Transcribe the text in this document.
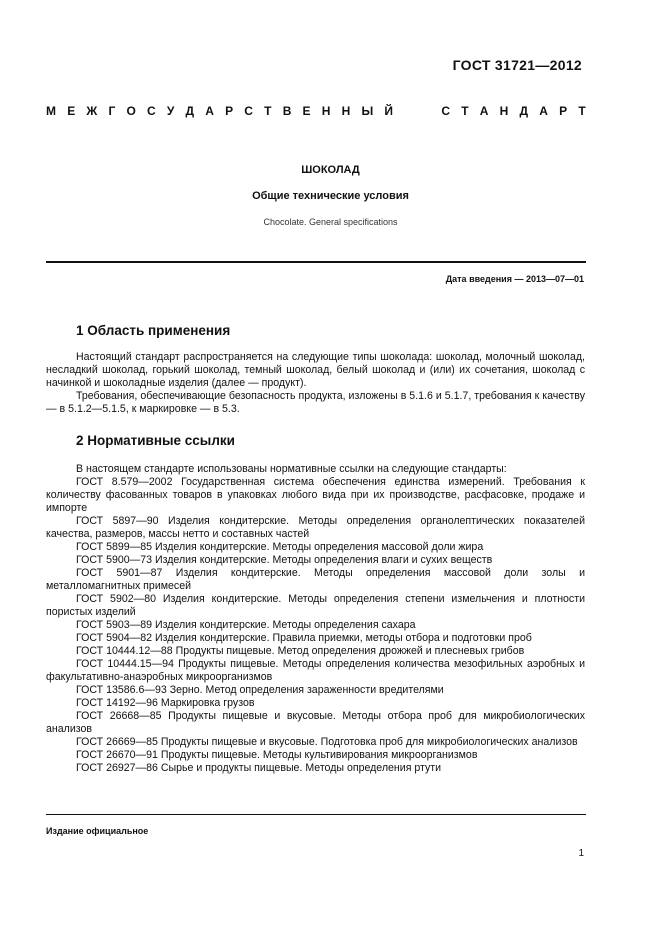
ГОСТ 31721—2012
М Е Ж Г О С У Д А Р С Т В Е Н Н Ы Й	С Т А Н Д А Р Т
ШОКОЛАД
Общие технические условия
Chocolate. General specifications
Дата введения — 2013—07—01
1 Область применения

Настоящий стандарт распространяется на следующие типы шоколада: шоколад, молочный шоколад, несладкий шоколад, горький шоколад, темный шоколад, белый шоколад и (или) их сочетания, шоколад с начинкой и шоколадные изделия (далее — продукт).

Требования, обеспечивающие безопасность продукта, изложены в 5.1.6 и 5.1.7, требования к качеству — в 5.1.2—5.1.5, к маркировке — в 5.3.

2 Нормативные ссылки

В настоящем стандарте использованы нормативные ссылки на следующие стандарты:

ГОСТ 8.579—2002 Государственная система обеспечения единства измерений. Требования к количеству фасованных товаров в упаковках любого вида при их производстве, расфасовке, продаже и импорте

ГОСТ 5897—90 Изделия кондитерские. Методы определения органолептических показателей качества, размеров, массы нетто и составных частей

ГОСТ 5899—85 Изделия кондитерские. Методы определения массовой доли жира

ГОСТ 5900—73 Изделия кондитерские. Методы определения влаги и сухих веществ

ГОСТ 5901—87 Изделия кондитерские. Методы определения массовой доли золы и металломагнитных примесей

ГОСТ 5902—80 Изделия кондитерские. Методы определения степени измельчения и плотности пористых изделий

ГОСТ 5903—89 Изделия кондитерские. Методы определения сахара

ГОСТ 5904—82 Изделия кондитерские. Правила приемки, методы отбора и подготовки проб

ГОСТ 10444.12—88 Продукты пищевые. Метод определения дрожжей и плесневых грибов

ГОСТ 10444.15—94 Продукты пищевые. Методы определения количества мезофильных аэробных и факультативно-анаэробных микроорганизмов

ГОСТ 13586.6—93 Зерно. Метод определения зараженности вредителями

ГОСТ 14192—96 Маркировка грузов

ГОСТ 26668—85 Продукты пищевые и вкусовые. Методы отбора проб для микробиологических анализов

ГОСТ 26669—85 Продукты пищевые и вкусовые. Подготовка проб для микробиологических анализов

ГОСТ 26670—91 Продукты пищевые. Методы культивирования микроорганизмов

ГОСТ 26927—86 Сырье и продукты пищевые. Методы определения ртути

Издание официальное
1
